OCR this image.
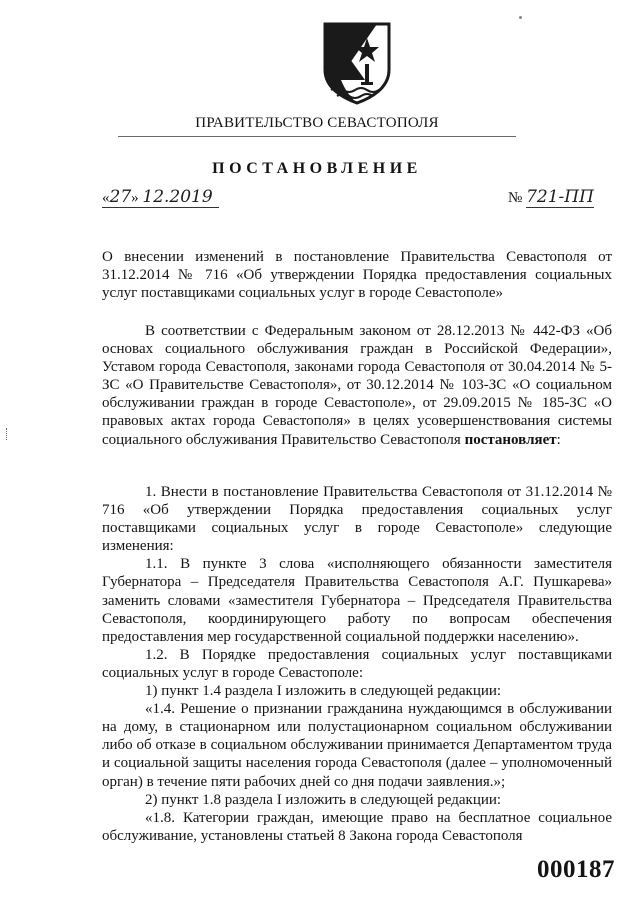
ПРАВИТЕЛЬСТВО СЕВАСТОПОЛЯ
ПОСТАНОВЛЕНИЕ
«27» 12.2019	№ 721-ПП

О внесении изменений в постановление Правительства Севастополя от 31.12.2014 № 716 «Об утверждении Порядка предоставления социальных услуг поставщиками социальных услуг в городе Севастополе»

В соответствии с Федеральным законом от 28.12.2013 № 442-ФЗ «Об основах социального обслуживания граждан в Российской Федерации», Уставом города Севастополя, законами города Севастополя от 30.04.2014 № 5-ЗС «О Правительстве Севастополя», от 30.12.2014 № 103-ЗС «О социальном обслуживании граждан в городе Севастополе», от 29.09.2015 № 185-ЗС «О правовых актах города Севастополя» в целях усовершенствования системы социального обслуживания Правительство Севастополя постановляет:

1. Внести в постановление Правительства Севастополя от 31.12.2014 № 716 «Об утверждении Порядка предоставления социальных услуг поставщиками социальных услуг в городе Севастополе» следующие изменения:

1.1. В пункте 3 слова «исполняющего обязанности заместителя Губернатора – Председателя Правительства Севастополя А.Г. Пушкарева» заменить словами «заместителя Губернатора – Председателя Правительства Севастополя, координирующего работу по вопросам обеспечения предоставления мер государственной социальной поддержки населению».

1.2. В Порядке предоставления социальных услуг поставщиками социальных услуг в городе Севастополе:

1) пункт 1.4 раздела I изложить в следующей редакции:

«1.4. Решение о признании гражданина нуждающимся в обслуживании на дому, в стационарном или полустационарном социальном обслуживании либо об отказе в социальном обслуживании принимается Департаментом труда и социальной защиты населения города Севастополя (далее – уполномоченный орган) в течение пяти рабочих дней со дня подачи заявления.»;

2) пункт 1.8 раздела I изложить в следующей редакции:

«1.8. Категории граждан, имеющие право на бесплатное социальное обслуживание, установлены статьей 8 Закона города Севастополя

000187
